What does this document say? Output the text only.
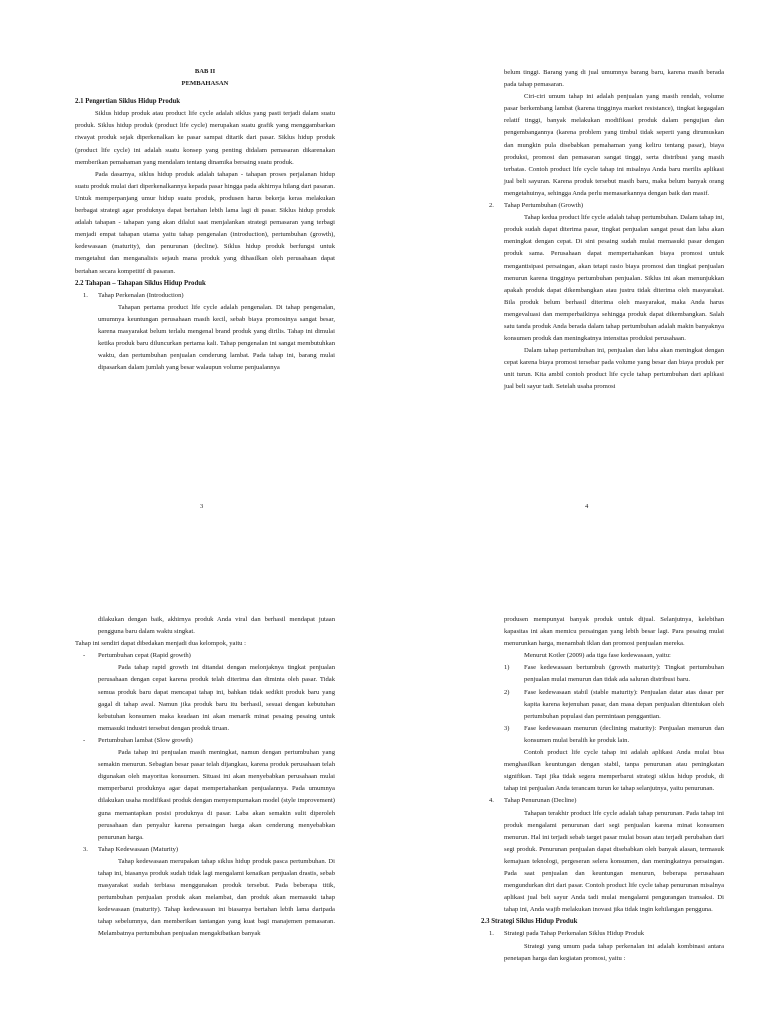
BAB II

PEMBAHASAN

2.1 Pengertian Siklus Hidup Produk

Siklus hidup produk atau product life cycle adalah siklus yang pasti terjadi dalam suatu produk. Siklus hidup produk (product life cycle) merupakan suatu grafik yang menggambarkan riwayat produk sejak diperkenalkan ke pasar sampai ditarik dari pasar. Siklus hidup produk (product life cycle) ini adalah suatu konsep yang penting didalam pemasaran dikarenakan memberikan pemahaman yang mendalam tentang dinamika bersaing suatu produk.

Pada dasarnya, siklus hidup produk adalah tahapan - tahapan proses perjalanan hidup suatu produk mulai dari diperkenalkannya kepada pasar hingga pada akhirnya hilang dari pasaran. Untuk memperpanjang umur hidup suatu produk, produsen harus bekerja keras melakukan berbagai strategi agar produknya dapat bertahan lebih lama lagi di pasar. Siklus hidup produk adalah tahapan - tahapan yang akan dilalui saat menjalankan strategi pemasaran yang terbagi menjadi empat tahapan utama yaitu tahap pengenalan (introduction), pertumbuhan (growth), kedewasaan (maturity), dan penurunan (decline). Siklus hidup produk berfungsi untuk mengetahui dan menganalisis sejauh mana produk yang dihasilkan oleh perusahaan dapat bertahan secara kompetitif di pasaran.

2.2 Tahapan – Tahapan Siklus Hidup Produk

1. Tahap Perkenalan (Introduction)

Tahapan pertama product life cycle adalah pengenalan. Di tahap pengenalan, umumnya keuntungan perusahaan masih kecil, sebab biaya promosinya sangat besar, karena masyarakat belum terlalu mengenal brand produk yang dirilis. Tahap ini dimulai ketika produk baru diluncurkan pertama kali. Tahap pengenalan ini sangat membutuhkan waktu, dan pertumbuhan penjualan cenderung lambat. Pada tahap ini, barang mulai dipasarkan dalam jumlah yang besar walaupun volume penjualannya

3

belum tinggi. Barang yang di jual umumnya barang baru, karena masih berada pada tahap pemasaran.

Ciri-ciri umum tahap ini adalah penjualan yang masih rendah, volume pasar berkembang lambat (karena tingginya market resistance), tingkat kegagalan relatif tinggi, banyak melakukan modifikasi produk dalam pengujian dan pengembangannya (karena problem yang timbul tidak seperti yang dirumuskan dan mungkin pula disebabkan pemahaman yang keliru tentang pasar), biaya produksi, promosi dan pemasaran sangat tinggi, serta distribusi yang masih terbatas. Contoh product life cycle tahap ini misalnya Anda baru merilis aplikasi jual beli sayuran. Karena produk tersebut masih baru, maka belum banyak orang mengetahuinya, sehingga Anda perlu memasarkannya dengan baik dan masif.

2. Tahap Pertumbuhan (Growth)

Tahap kedua product life cycle adalah tahap pertumbuhan. Dalam tahap ini, produk sudah dapat diterima pasar, tingkat penjualan sangat pesat dan laba akan meningkat dengan cepat. Di sini pesaing sudah mulai memasuki pasar dengan produk sama. Perusahaan dapat mempertahankan biaya promosi untuk mengantisipasi persaingan, akan tetapi rasio biaya promosi dan tingkat penjualan menurun karena tingginya pertumbuhan penjualan. Siklus ini akan menunjukkan apakah produk dapat dikembangkan atau justru tidak diterima oleh masyarakat. Bila produk belum berhasil diterima oleh masyarakat, maka Anda harus mengevaluasi dan memperbaikinya sehingga produk dapat dikembangkan. Salah satu tanda produk Anda berada dalam tahap pertumbuhan adalah makin banyaknya konsumen produk dan meningkatnya intensitas produksi perusahaan.

Dalam tahap pertumbuhan ini, penjualan dan laba akan meningkat dengan cepat karena biaya promosi tersebar pada volume yang besar dan biaya produk per unit turun. Kita ambil contoh product life cycle tahap pertumbuhan dari aplikasi jual beli sayur tadi. Setelah usaha promosi

4

dilakukan dengan baik, akhirnya produk Anda viral dan berhasil mendapat jutaan pengguna baru dalam waktu singkat.

Tahap ini sendiri dapat dibedakan menjadi dua kelompok, yaitu :

- Pertumbuhan cepat (Rapid growth)

Pada tahap rapid growth ini ditandai dengan melonjaknya tingkat penjualan perusahaan dengan cepat karena produk telah diterima dan diminta oleh pasar. Tidak semua produk baru dapat mencapai tahap ini, bahkan tidak sedikit produk baru yang gagal di tahap awal. Namun jika produk baru itu berhasil, sesuai dengan kebutuhan kebutuhan konsumen maka keadaan ini akan menarik minat pesaing pesaing untuk memasuki industri tersebut dengan produk tiruan.

- Pertumbuhan lambat (Slow growth)

Pada tahap ini penjualan masih meningkat, namun dengan pertumbuhan yang semakin menurun. Sebagian besar pasar telah dijangkau, karena produk perusahaan telah digunakan oleh mayoritas konsumen. Situasi ini akan menyebabkan perusahaan mulai memperbarui produknya agar dapat mempertahankan penjualannya. Pada umumnya dilakukan usaha modifikasi produk dengan menyempurnakan model (style improvement) guna memantapkan posisi produknya di pasar. Laba akan semakin sulit diperoleh perusahaan dan penyalur karena persaingan harga akan cenderung menyebabkan penurunan harga.

3. Tahap Kedewasaan (Maturity)

Tahap kedewasaan merupakan tahap siklus hidup produk pasca pertumbuhan. Di tahap ini, biasanya produk sudah tidak lagi mengalami kenaikan penjualan drastis, sebab masyarakat sudah terbiasa menggunakan produk tersebut. Pada beberapa titik, pertumbuhan penjualan produk akan melambat, dan produk akan memasuki tahap kedewasaan (maturity). Tahap kedewasaan ini biasanya bertahan lebih lama daripada tahap sebelumnya, dan memberikan tantangan yang kuat bagi manajemen pemasaran. Melambatnya pertumbuhan penjualan mengakibatkan banyak

produsen mempunyai banyak produk untuk dijual. Selanjutnya, kelebihan kapasitas ini akan memicu persaingan yang lebih besar lagi. Para pesaing mulai menurunkan harga, menambah iklan dan promosi penjualan mereka.

Menurut Kotler (2009) ada tiga fase kedewasaan, yaitu:

1) Fase kedewasaan bertumbuh (growth maturity): Tingkat pertumbuhan penjualan mulai menurun dan tidak ada saluran distribusi baru.

2) Fase kedewasaan stabil (stable maturity): Penjualan datar atas dasar per kapita karena kejenuhan pasar, dan masa depan penjualan ditentukan oleh pertumbuhan populasi dan permintaan penggantian.

3) Fase kedewasaan menurun (declining maturity): Penjualan menurun dan konsumen mulai beralih ke produk lain.

Contoh product life cycle tahap ini adalah aplikasi Anda mulai bisa menghasilkan keuntungan dengan stabil, tanpa penurunan atau peningkatan signifikan. Tapi jika tidak segera memperbarui strategi siklus hidup produk, di tahap ini penjualan Anda terancam turun ke tahap selanjutnya, yaitu penurunan.

4. Tahap Penurunan (Decline)

Tahapan terakhir product life cycle adalah tahap penurunan. Pada tahap ini produk mengalami penurunan dari segi penjualan karena minat konsumen menurun. Hal ini terjadi sebab target pasar mulai bosan atau terjadi perubahan dari segi produk. Penurunan penjualan dapat disebabkan oleh banyak alasan, termasuk kemajuan teknologi, pergeseran selera konsumen, dan meningkatnya persaingan. Pada saat penjualan dan keuntungan menurun, beberapa perusahaan mengundurkan diri dari pasar. Contoh product life cycle tahap penurunan misalnya aplikasi jual beli sayur Anda tadi mulai mengalami pengurangan transaksi. Di tahap ini, Anda wajib melakukan inovasi jika tidak ingin kehilangan pengguna.

2.3 Strategi Siklus Hidup Produk

1. Strategi pada Tahap Perkenalan Siklus Hidup Produk

Strategi yang umum pada tahap perkenalan ini adalah kombinasi antara penetapan harga dan kegiatan promosi, yaitu :
